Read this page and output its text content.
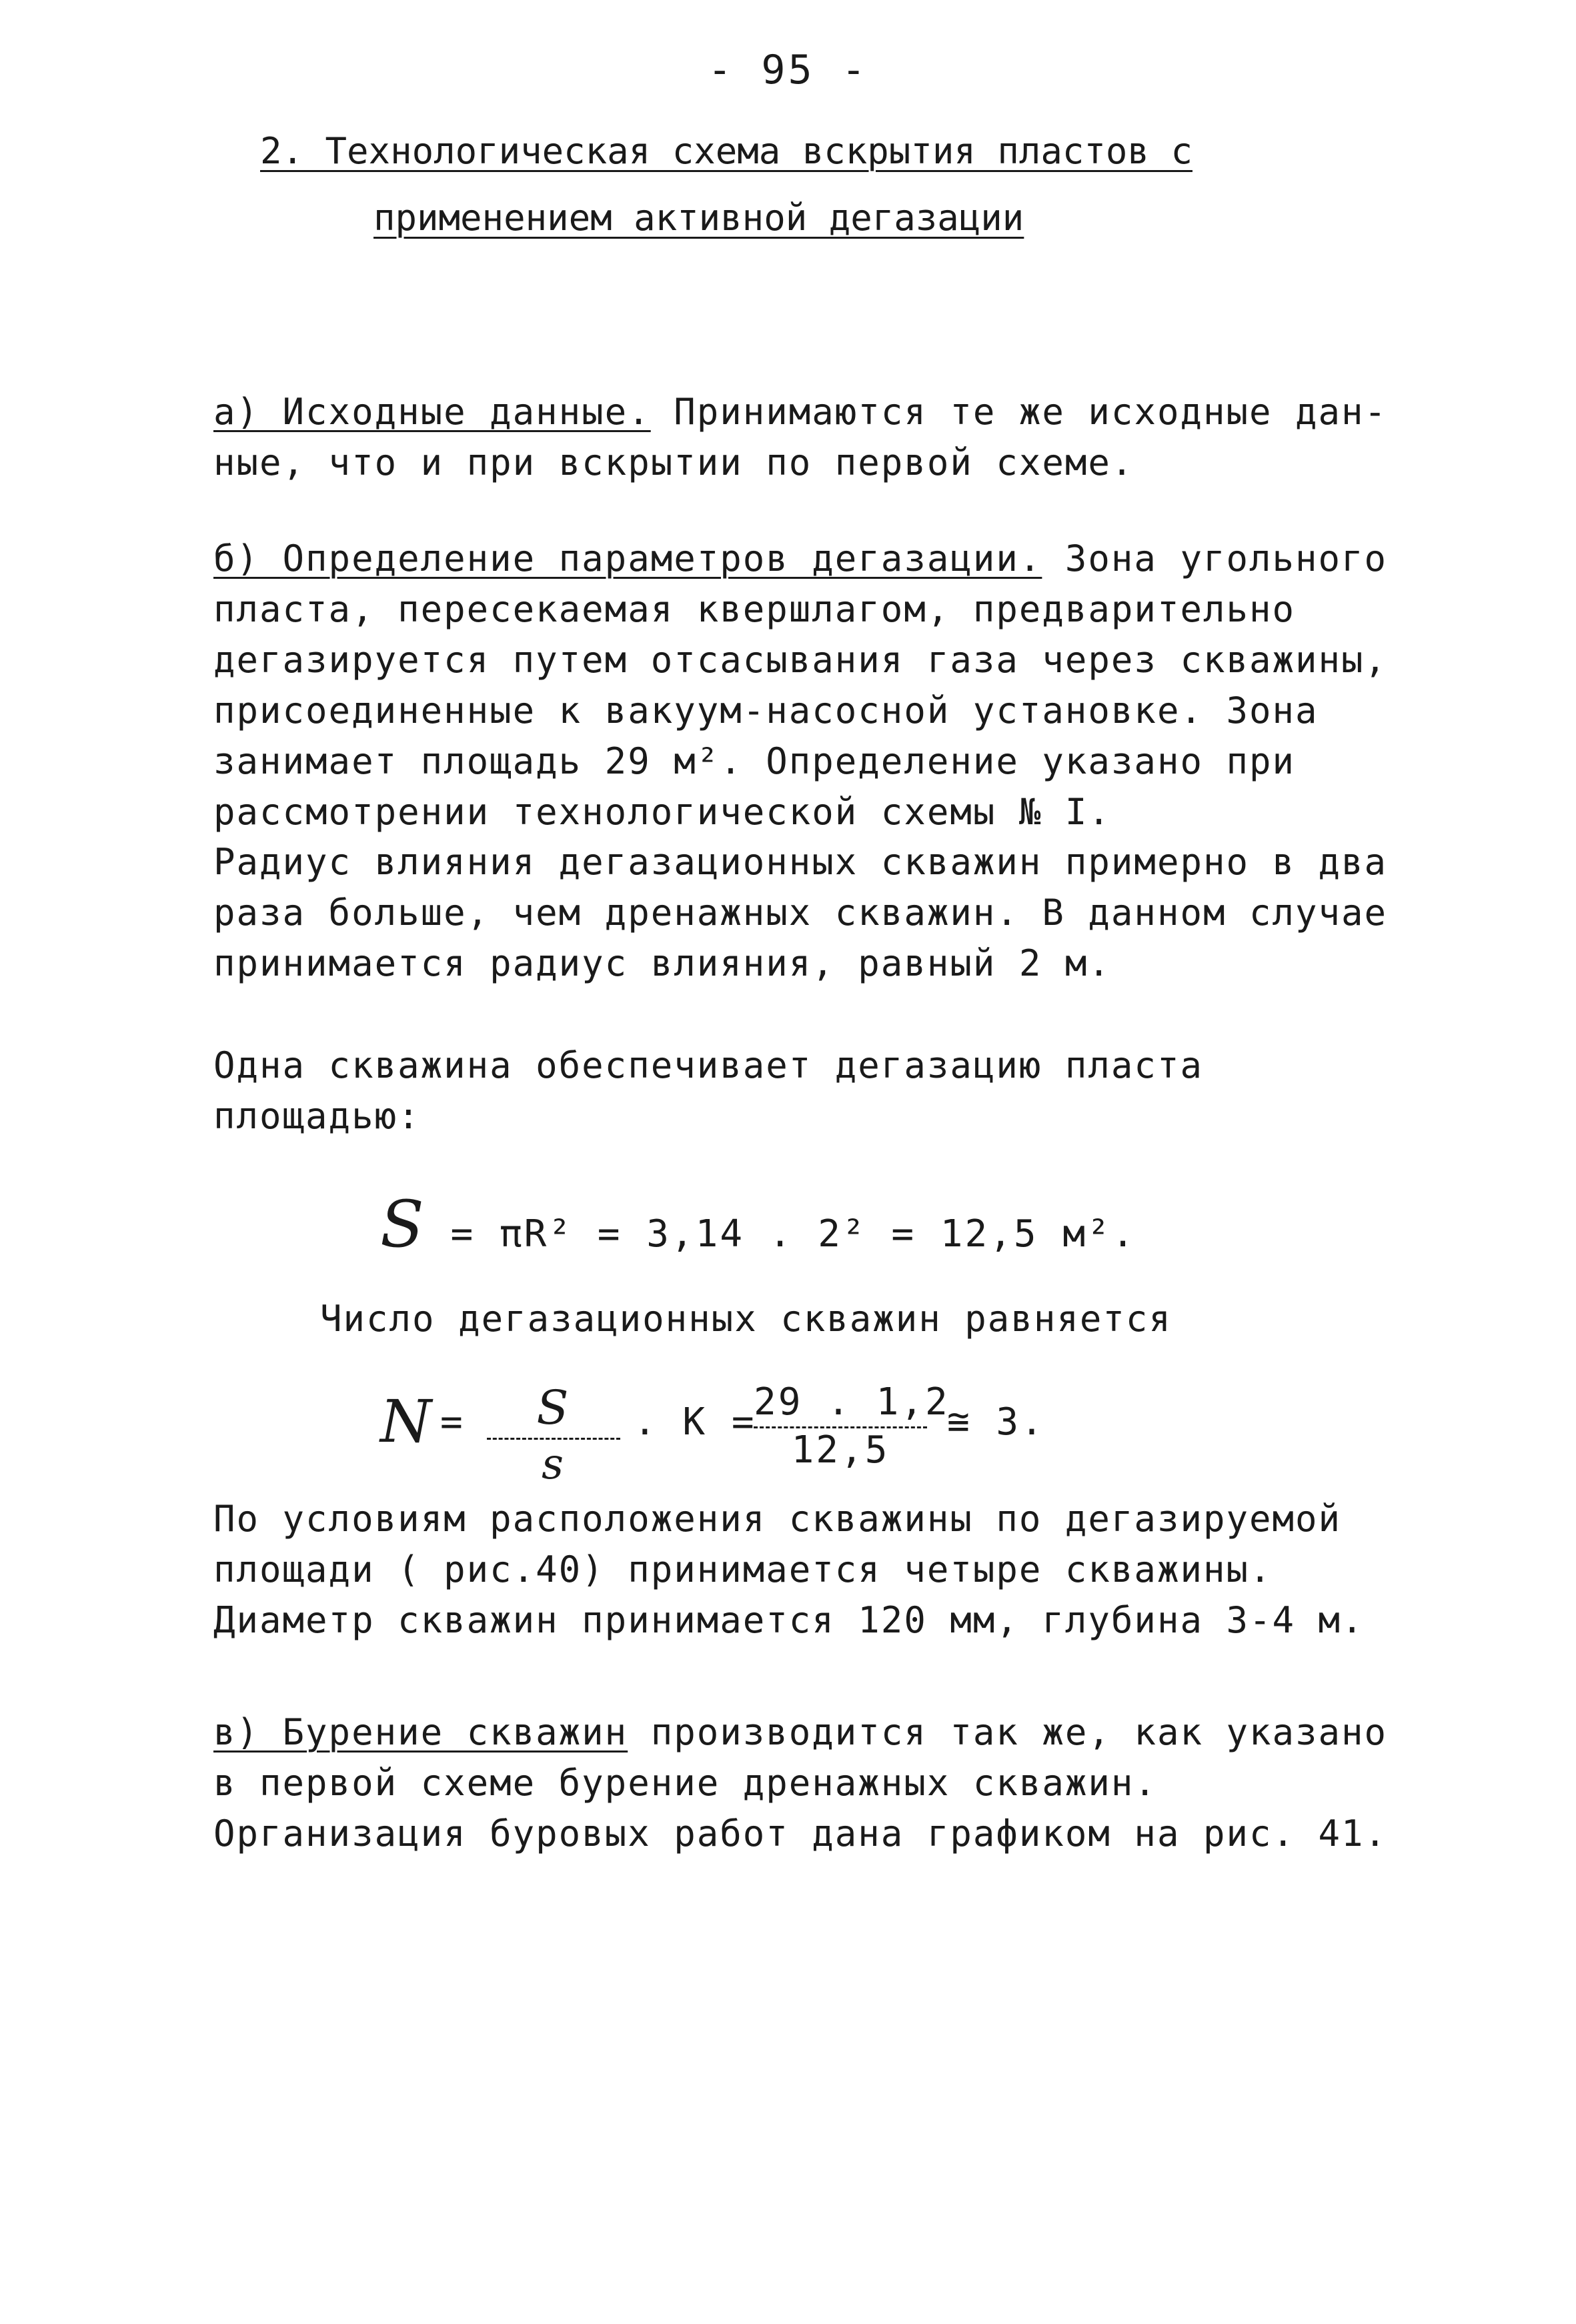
- 95 -
2. Технологическая схема вскрытия пластов с
применением активной дегазации
а) Исходные данные. Принимаются те же исходные дан-
ные, что и при вскрытии по первой схеме.
б) Определение параметров дегазации. Зона угольного пласта, пересекаемая квершлагом, предварительно дегазируется путем отсасывания газа через скважины, присоединенные к вакуум-насосной установке. Зона занимает площадь 29 м². Определение указано при рассмотрении технологической схемы № I.
Радиус влияния дегазационных скважин примерно в два раза больше, чем дренажных скважин. В данном случае принимается радиус влияния, равный 2 м.
Одна скважина обеспечивает дегазацию пласта площадью:
S = πR² = 3,14 . 2² = 12,5 м².
Число дегазационных скважин равняется
$N = \frac{S}{s}$ . K =
$\frac{29 . 1,2}{12,5}$ ≅ 3.
По условиям расположения скважины по дегазируемой площади ( рис.40) принимается четыре скважины. Диаметр скважин принимается 120 мм, глубина 3-4 м.
в) Бурение скважин производится так же, как указано в первой схеме бурение дренажных скважин. Организация буровых работ дана графиком на рис. 41.
